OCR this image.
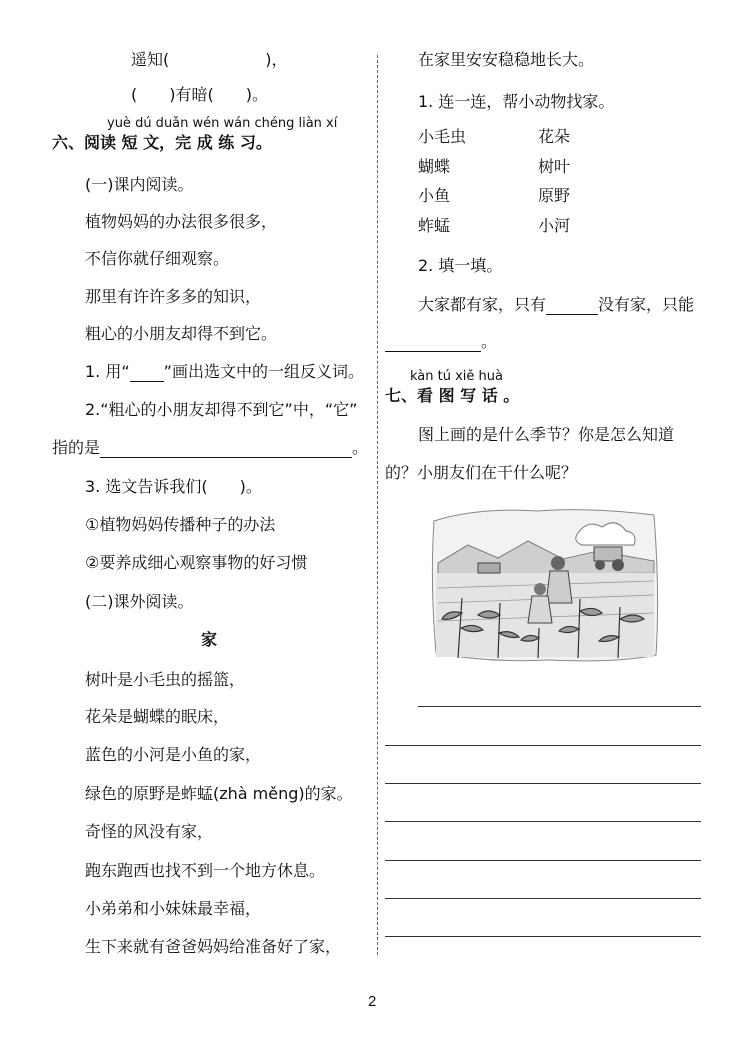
遥知(　　　　　　)，
(　　)有暗(　　)。
yuè dú duǎn wén wán chéng liàn xí
六、阅读 短 文，完 成 练 习。
(一)课内阅读。
植物妈妈的办法很多很多，
不信你就仔细观察。
那里有许许多多的知识，
粗心的小朋友却得不到它。
1. 用“ ”画出选文中的一组反义词。
2.“粗心的小朋友却得不到它”中，“它”
指的是	。
3. 选文告诉我们(　　)。
①植物妈妈传播种子的办法
②要养成细心观察事物的好习惯
(二)课外阅读。
家
树叶是小毛虫的摇篮，
花朵是蝴蝶的眠床，
蓝色的小河是小鱼的家，
绿色的原野是蚱蜢(zhà měng)的家。
奇怪的风没有家，
跑东跑西也找不到一个地方休息。
小弟弟和小妹妹最幸福，
生下来就有爸爸妈妈给准备好了家，
在家里安安稳稳地长大。
1. 连一连，帮小动物找家。
小毛虫
蝴蝶
小鱼
蚱蜢
花朵
树叶
原野
小河
2. 填一填。
大家都有家，只有	没有家，只能
。
kàn tú xiě huà
七、看 图 写 话 。
图上画的是什么季节？你是怎么知道
的？小朋友们在干什么呢？
2
